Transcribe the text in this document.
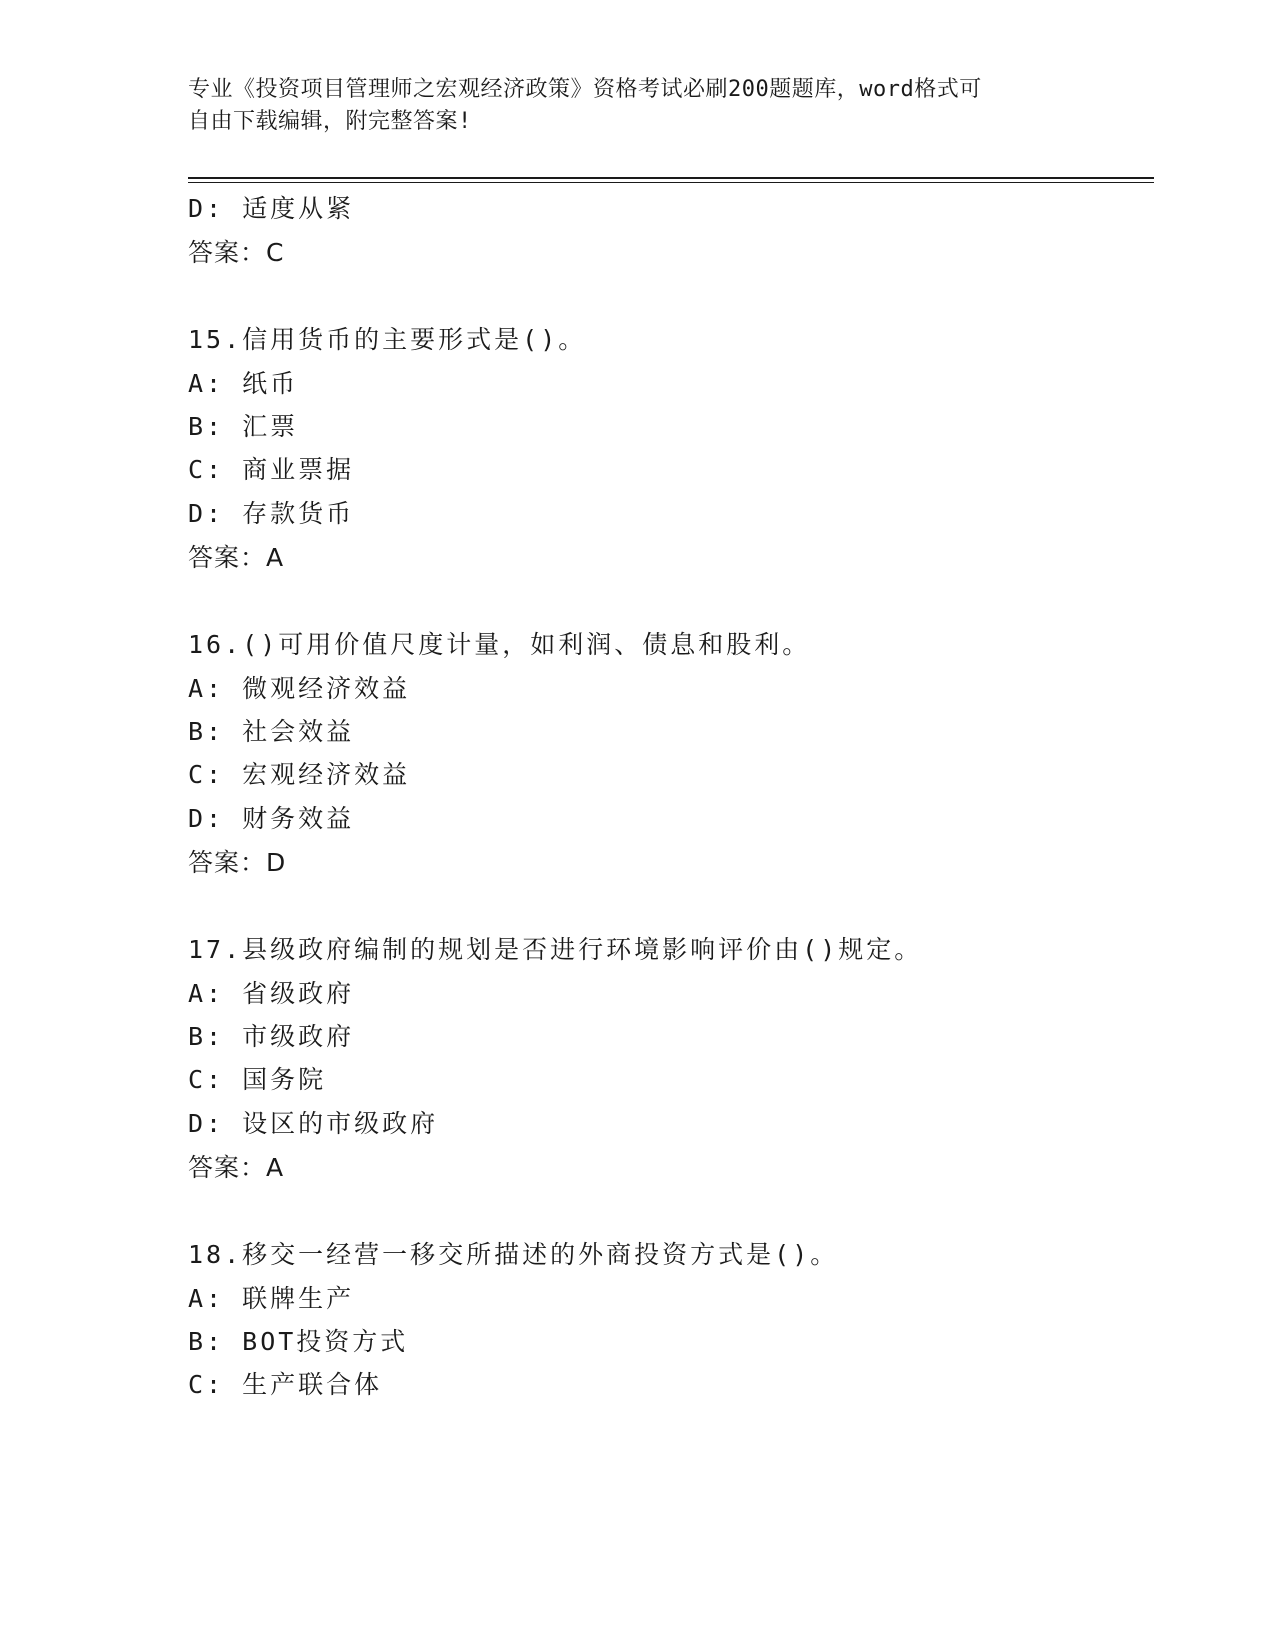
专业《投资项目管理师之宏观经济政策》资格考试必刷200题题库，word格式可
自由下载编辑，附完整答案!
D: 适度从紧
答案：C
15.信用货币的主要形式是()。
A: 纸币
B: 汇票
C: 商业票据
D: 存款货币
答案：A
16.()可用价值尺度计量，如利润、债息和股利。
A: 微观经济效益
B: 社会效益
C: 宏观经济效益
D: 财务效益
答案：D
17.县级政府编制的规划是否进行环境影响评价由()规定。
A: 省级政府
B: 市级政府
C: 国务院
D: 设区的市级政府
答案：A
18.移交一经营一移交所描述的外商投资方式是()。
A: 联牌生产
B: BOT投资方式
C: 生产联合体
